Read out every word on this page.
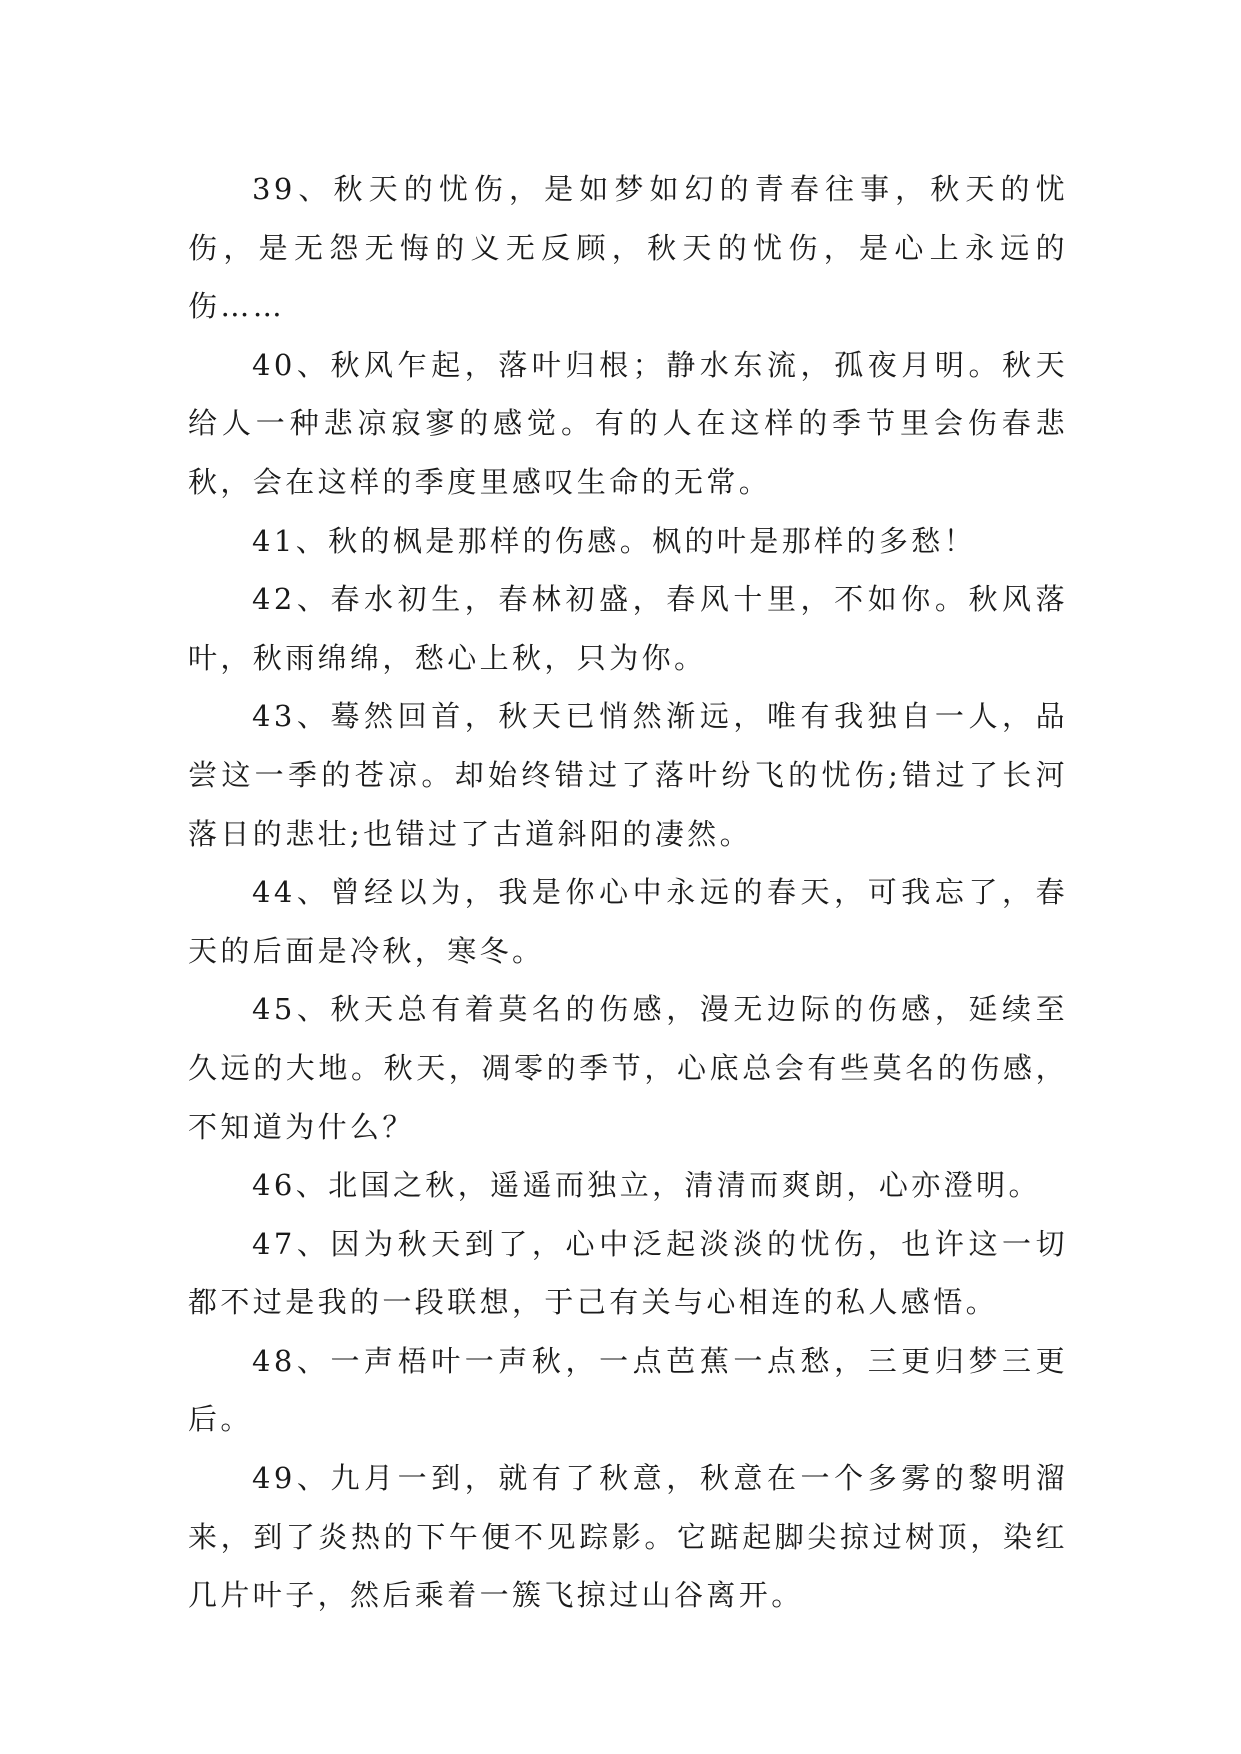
39、秋天的忧伤，是如梦如幻的青春往事，秋天的忧伤，是无怨无悔的义无反顾，秋天的忧伤，是心上永远的伤……

40、秋风乍起，落叶归根；静水东流，孤夜月明。秋天给人一种悲凉寂寥的感觉。有的人在这样的季节里会伤春悲秋，会在这样的季度里感叹生命的无常。

41、秋的枫是那样的伤感。枫的叶是那样的多愁！

42、春水初生，春林初盛，春风十里，不如你。秋风落叶，秋雨绵绵，愁心上秋，只为你。

43、蓦然回首，秋天已悄然渐远，唯有我独自一人，品尝这一季的苍凉。却始终错过了落叶纷飞的忧伤;错过了长河落日的悲壮;也错过了古道斜阳的凄然。

44、曾经以为，我是你心中永远的春天，可我忘了，春天的后面是冷秋，寒冬。

45、秋天总有着莫名的伤感，漫无边际的伤感，延续至久远的大地。秋天，凋零的季节，心底总会有些莫名的伤感，不知道为什么？

46、北国之秋，遥遥而独立，清清而爽朗，心亦澄明。

47、因为秋天到了，心中泛起淡淡的忧伤，也许这一切都不过是我的一段联想，于己有关与心相连的私人感悟。

48、一声梧叶一声秋，一点芭蕉一点愁，三更归梦三更后。

49、九月一到，就有了秋意，秋意在一个多雾的黎明溜来，到了炎热的下午便不见踪影。它踮起脚尖掠过树顶，染红几片叶子，然后乘着一簇飞掠过山谷离开。
